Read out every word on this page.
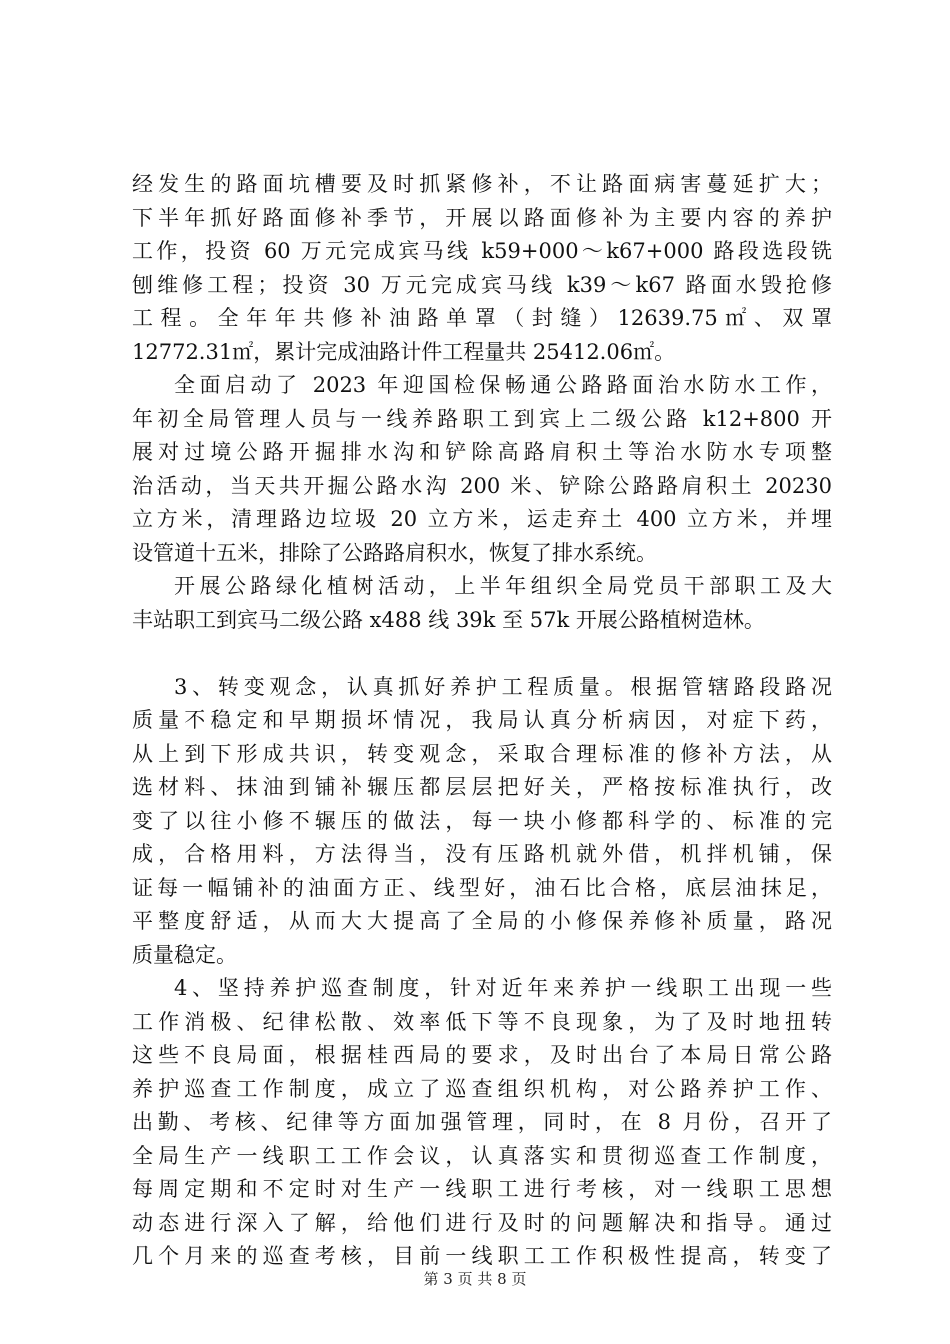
经发生的路面坑槽要及时抓紧修补，不让路面病害蔓延扩大；
下半年抓好路面修补季节，开展以路面修补为主要内容的养护
工作，投资 60 万元完成宾马线 k59+000～k67+000 路段选段铣
刨维修工程；投资 30 万元完成宾马线 k39～k67 路面水毁抢修
工程。全年年共修补油路单罩（封缝）12639.75㎡、双罩
12772.31㎡，累计完成油路计件工程量共 25412.06㎡。
全面启动了 2023 年迎国检保畅通公路路面治水防水工作，
年初全局管理人员与一线养路职工到宾上二级公路 k12+800 开
展对过境公路开掘排水沟和铲除高路肩积土等治水防水专项整
治活动，当天共开掘公路水沟 200 米、铲除公路路肩积土 20230
立方米，清理路边垃圾 20 立方米，运走弃土 400 立方米，并埋
设管道十五米，排除了公路路肩积水，恢复了排水系统。
开展公路绿化植树活动，上半年组织全局党员干部职工及大
丰站职工到宾马二级公路 x488 线 39k 至 57k 开展公路植树造林。
3、转变观念，认真抓好养护工程质量。根据管辖路段路况
质量不稳定和早期损坏情况，我局认真分析病因，对症下药，
从上到下形成共识，转变观念，采取合理标准的修补方法，从
选材料、抹油到铺补辗压都层层把好关，严格按标准执行，改
变了以往小修不辗压的做法，每一块小修都科学的、标准的完
成，合格用料，方法得当，没有压路机就外借，机拌机铺，保
证每一幅铺补的油面方正、线型好，油石比合格，底层油抹足，
平整度舒适，从而大大提高了全局的小修保养修补质量，路况
质量稳定。
4、坚持养护巡查制度，针对近年来养护一线职工出现一些
工作消极、纪律松散、效率低下等不良现象，为了及时地扭转
这些不良局面，根据桂西局的要求，及时出台了本局日常公路
养护巡查工作制度，成立了巡查组织机构，对公路养护工作、
出勤、考核、纪律等方面加强管理，同时，在 8 月份，召开了
全局生产一线职工工作会议，认真落实和贯彻巡查工作制度，
每周定期和不定时对生产一线职工进行考核，对一线职工思想
动态进行深入了解，给他们进行及时的问题解决和指导。通过
几个月来的巡查考核，目前一线职工工作积极性提高，转变了
第 3 页 共 8 页
